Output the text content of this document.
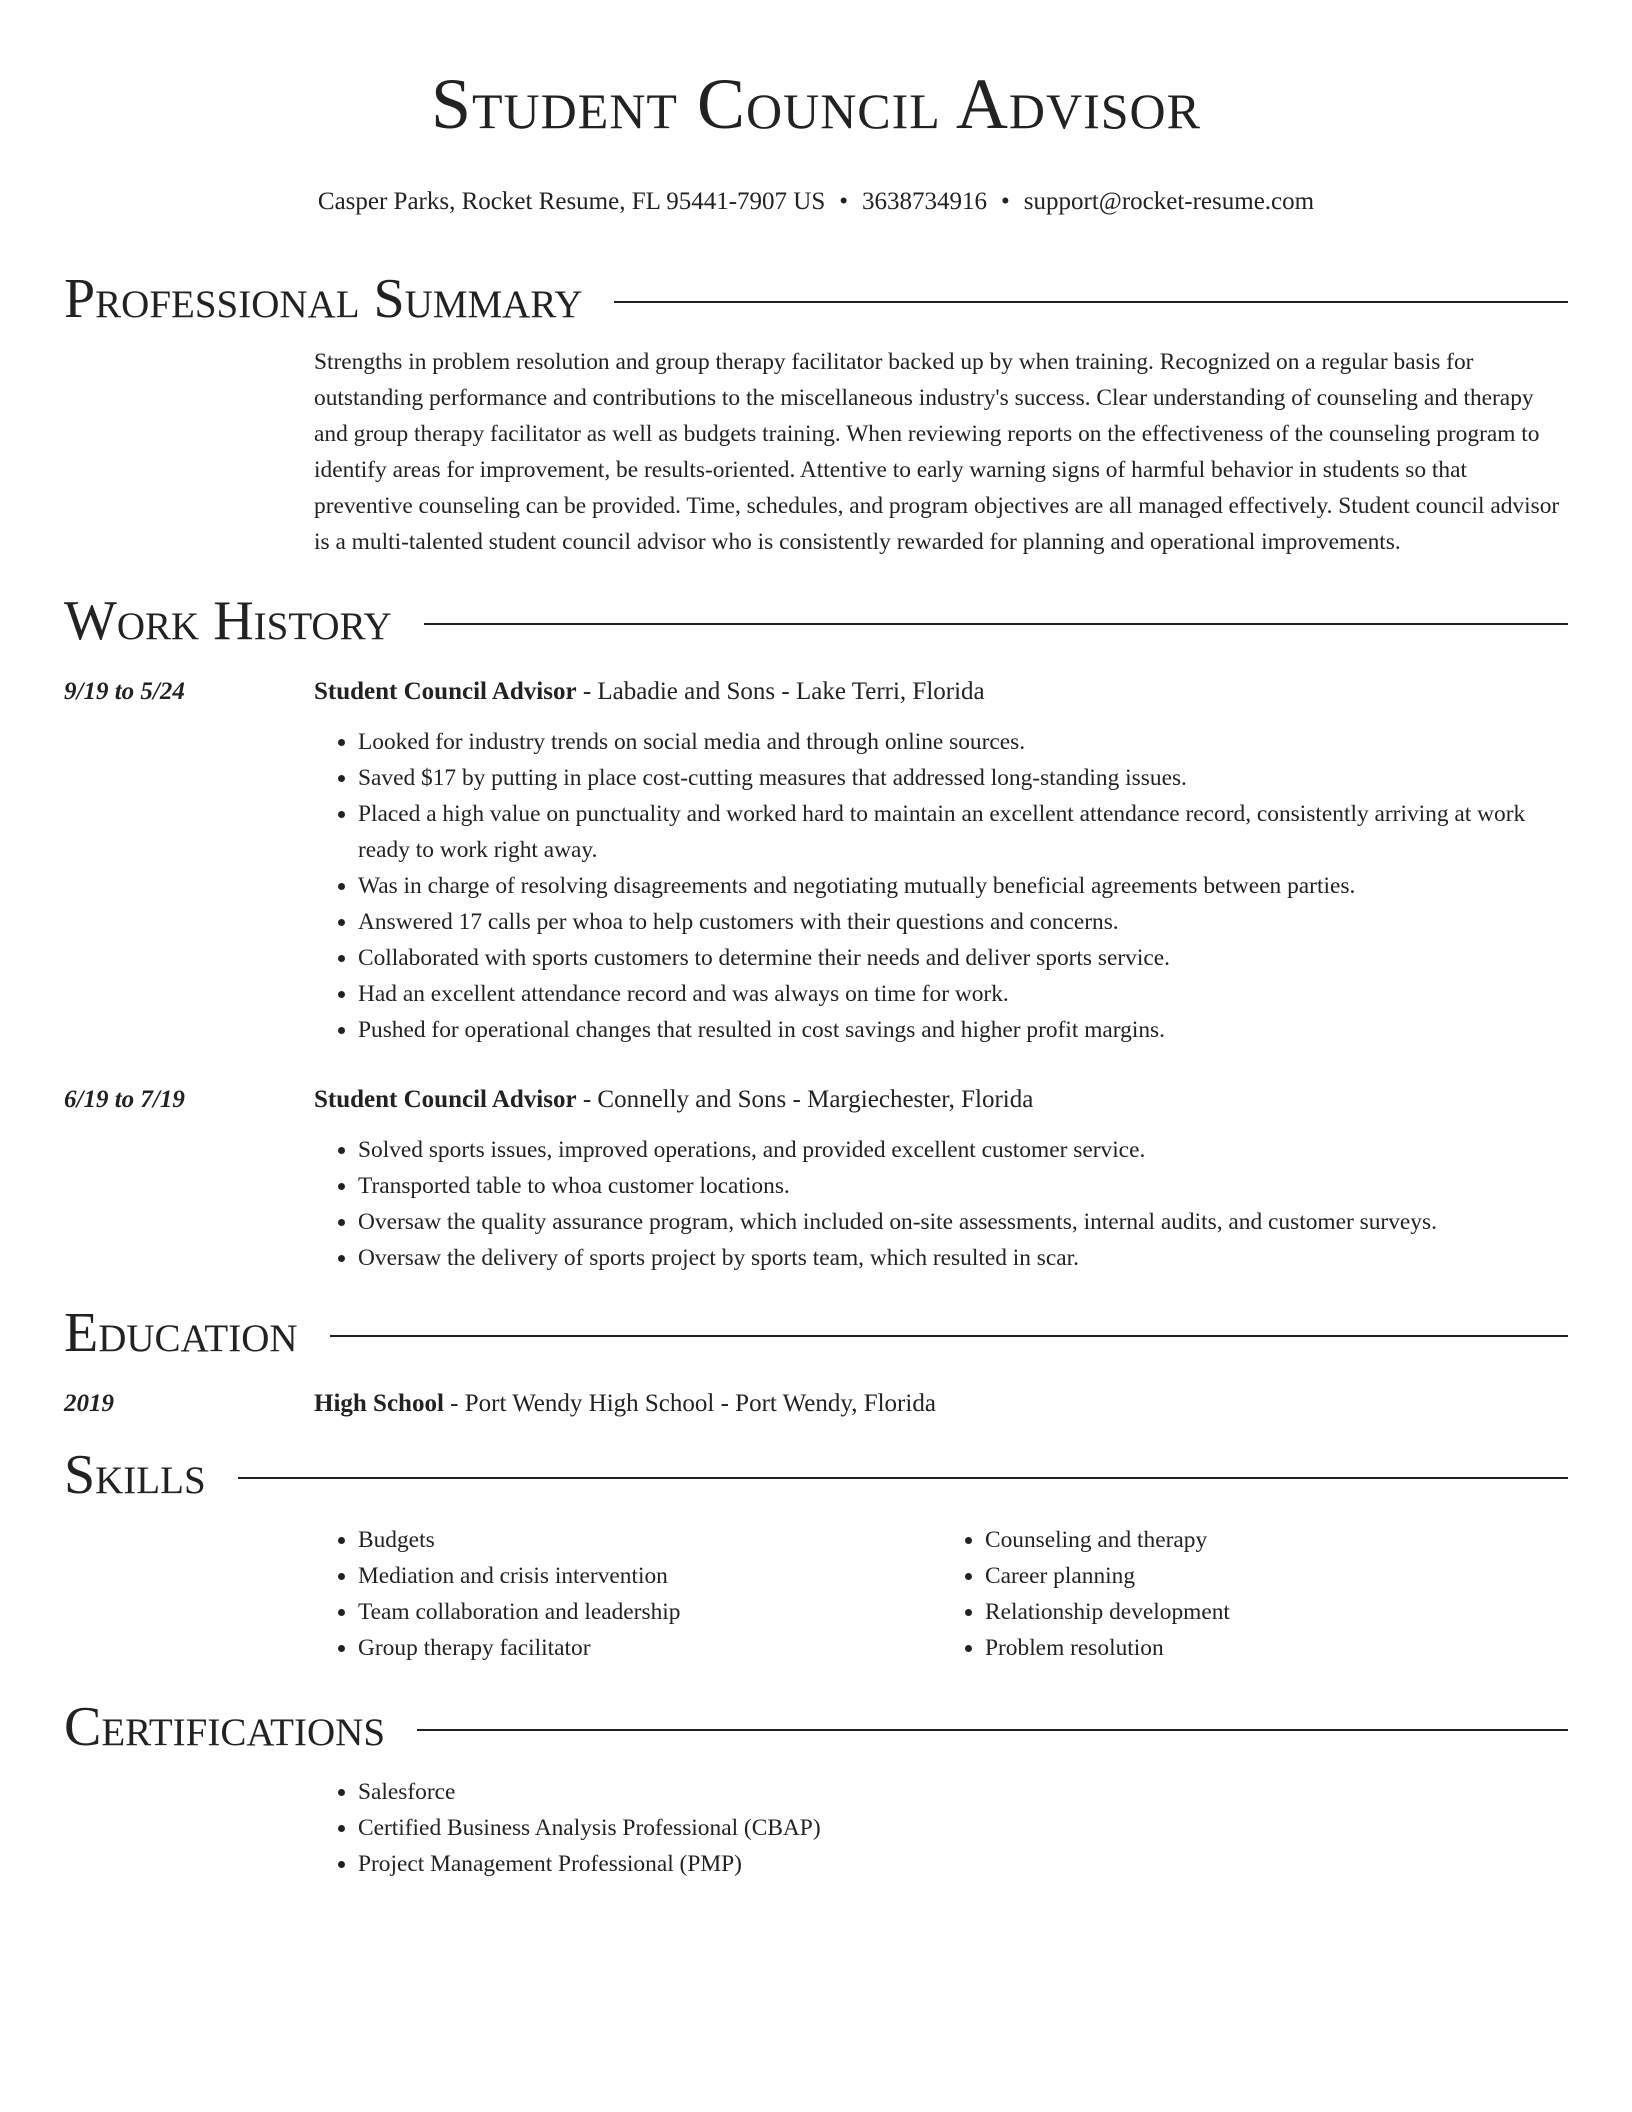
Student Council Advisor
Casper Parks, Rocket Resume, FL 95441-7907 US • 3638734916 • support@rocket-resume.com
Professional Summary

Strengths in problem resolution and group therapy facilitator backed up by when training. Recognized on a regular basis for outstanding performance and contributions to the miscellaneous industry's success. Clear understanding of counseling and therapy and group therapy facilitator as well as budgets training. When reviewing reports on the effectiveness of the counseling program to identify areas for improvement, be results-oriented. Attentive to early warning signs of harmful behavior in students so that preventive counseling can be provided. Time, schedules, and program objectives are all managed effectively. Student council advisor is a multi-talented student council advisor who is consistently rewarded for planning and operational improvements.

Work History
9/19 to 5/24	Student Council Advisor - Labadie and Sons - Lake Terri, Florida
• Looked for industry trends on social media and through online sources.
• Saved $17 by putting in place cost-cutting measures that addressed long-standing issues.
• Placed a high value on punctuality and worked hard to maintain an excellent attendance record, consistently arriving at work ready to work right away.
• Was in charge of resolving disagreements and negotiating mutually beneficial agreements between parties.
• Answered 17 calls per whoa to help customers with their questions and concerns.
• Collaborated with sports customers to determine their needs and deliver sports service.
• Had an excellent attendance record and was always on time for work.
• Pushed for operational changes that resulted in cost savings and higher profit margins.
6/19 to 7/19	Student Council Advisor - Connelly and Sons - Margiechester, Florida
• Solved sports issues, improved operations, and provided excellent customer service.
• Transported table to whoa customer locations.
• Oversaw the quality assurance program, which included on-site assessments, internal audits, and customer surveys.
• Oversaw the delivery of sports project by sports team, which resulted in scar.
Education
2019	High School - Port Wendy High School - Port Wendy, Florida
Skills
• Budgets
• Mediation and crisis intervention
• Team collaboration and leadership
• Group therapy facilitator
• Counseling and therapy
• Career planning
• Relationship development
• Problem resolution
Certifications
• Salesforce
• Certified Business Analysis Professional (CBAP)
• Project Management Professional (PMP)
